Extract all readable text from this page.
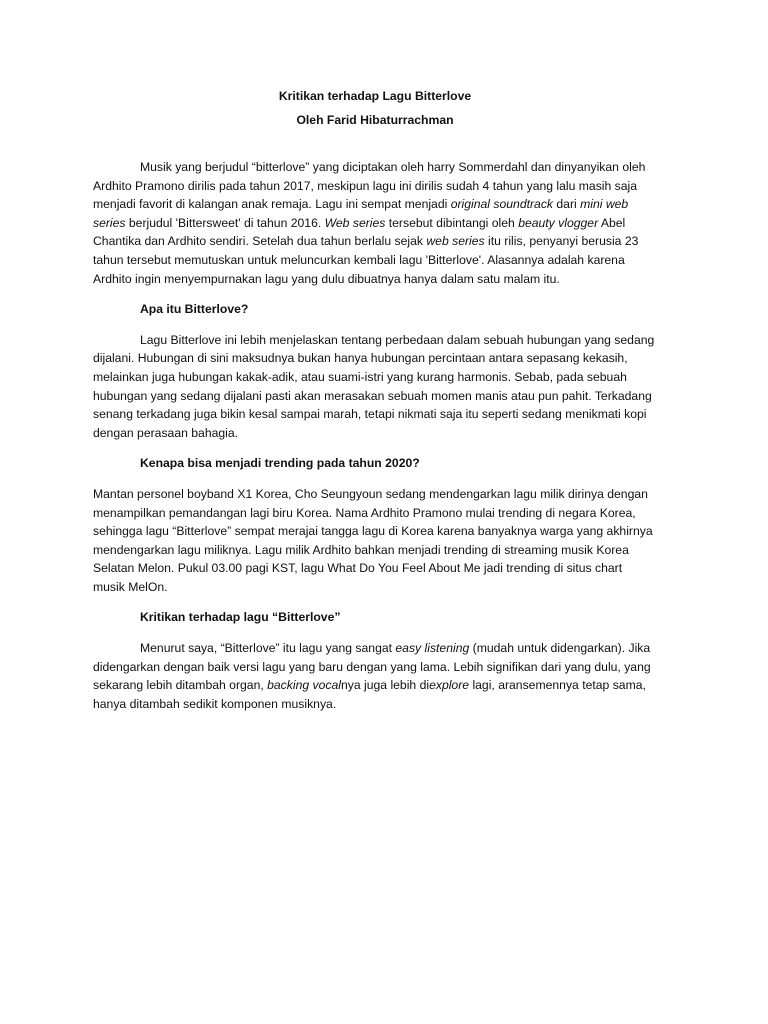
Kritikan terhadap Lagu Bitterlove

Oleh Farid Hibaturrachman

Musik yang berjudul “bitterlove” yang diciptakan oleh harry Sommerdahl dan dinyanyikan oleh Ardhito Pramono dirilis pada tahun 2017, meskipun lagu ini dirilis sudah 4 tahun yang lalu masih saja menjadi favorit di kalangan anak remaja. Lagu ini sempat menjadi original soundtrack dari mini web series berjudul 'Bittersweet' di tahun 2016. Web series tersebut dibintangi oleh beauty vlogger Abel Chantika dan Ardhito sendiri. Setelah dua tahun berlalu sejak web series itu rilis, penyanyi berusia 23 tahun tersebut memutuskan untuk meluncurkan kembali lagu 'Bitterlove'. Alasannya adalah karena Ardhito ingin menyempurnakan lagu yang dulu dibuatnya hanya dalam satu malam itu.

Apa itu Bitterlove?

Lagu Bitterlove ini lebih menjelaskan tentang perbedaan dalam sebuah hubungan yang sedang dijalani. Hubungan di sini maksudnya bukan hanya hubungan percintaan antara sepasang kekasih, melainkan juga hubungan kakak-adik, atau suami-istri yang kurang harmonis. Sebab, pada sebuah hubungan yang sedang dijalani pasti akan merasakan sebuah momen manis atau pun pahit. Terkadang senang terkadang juga bikin kesal sampai marah, tetapi nikmati saja itu seperti sedang menikmati kopi dengan perasaan bahagia.

Kenapa bisa menjadi trending pada tahun 2020?

Mantan personel boyband X1 Korea, Cho Seungyoun sedang mendengarkan lagu milik dirinya dengan menampilkan pemandangan lagi biru Korea. Nama Ardhito Pramono mulai trending di negara Korea, sehingga lagu “Bitterlove” sempat merajai tangga lagu di Korea karena banyaknya warga yang akhirnya mendengarkan lagu miliknya. Lagu milik Ardhito bahkan menjadi trending di streaming musik Korea Selatan Melon. Pukul 03.00 pagi KST, lagu What Do You Feel About Me jadi trending di situs chart musik MelOn.

Kritikan terhadap lagu “Bitterlove”

Menurut saya, “Bitterlove” itu lagu yang sangat easy listening (mudah untuk didengarkan). Jika didengarkan dengan baik versi lagu yang baru dengan yang lama. Lebih signifikan dari yang dulu, yang sekarang lebih ditambah organ, backing vocalnya juga lebih diexplore lagi, aransemennya tetap sama, hanya ditambah sedikit komponen musiknya.
